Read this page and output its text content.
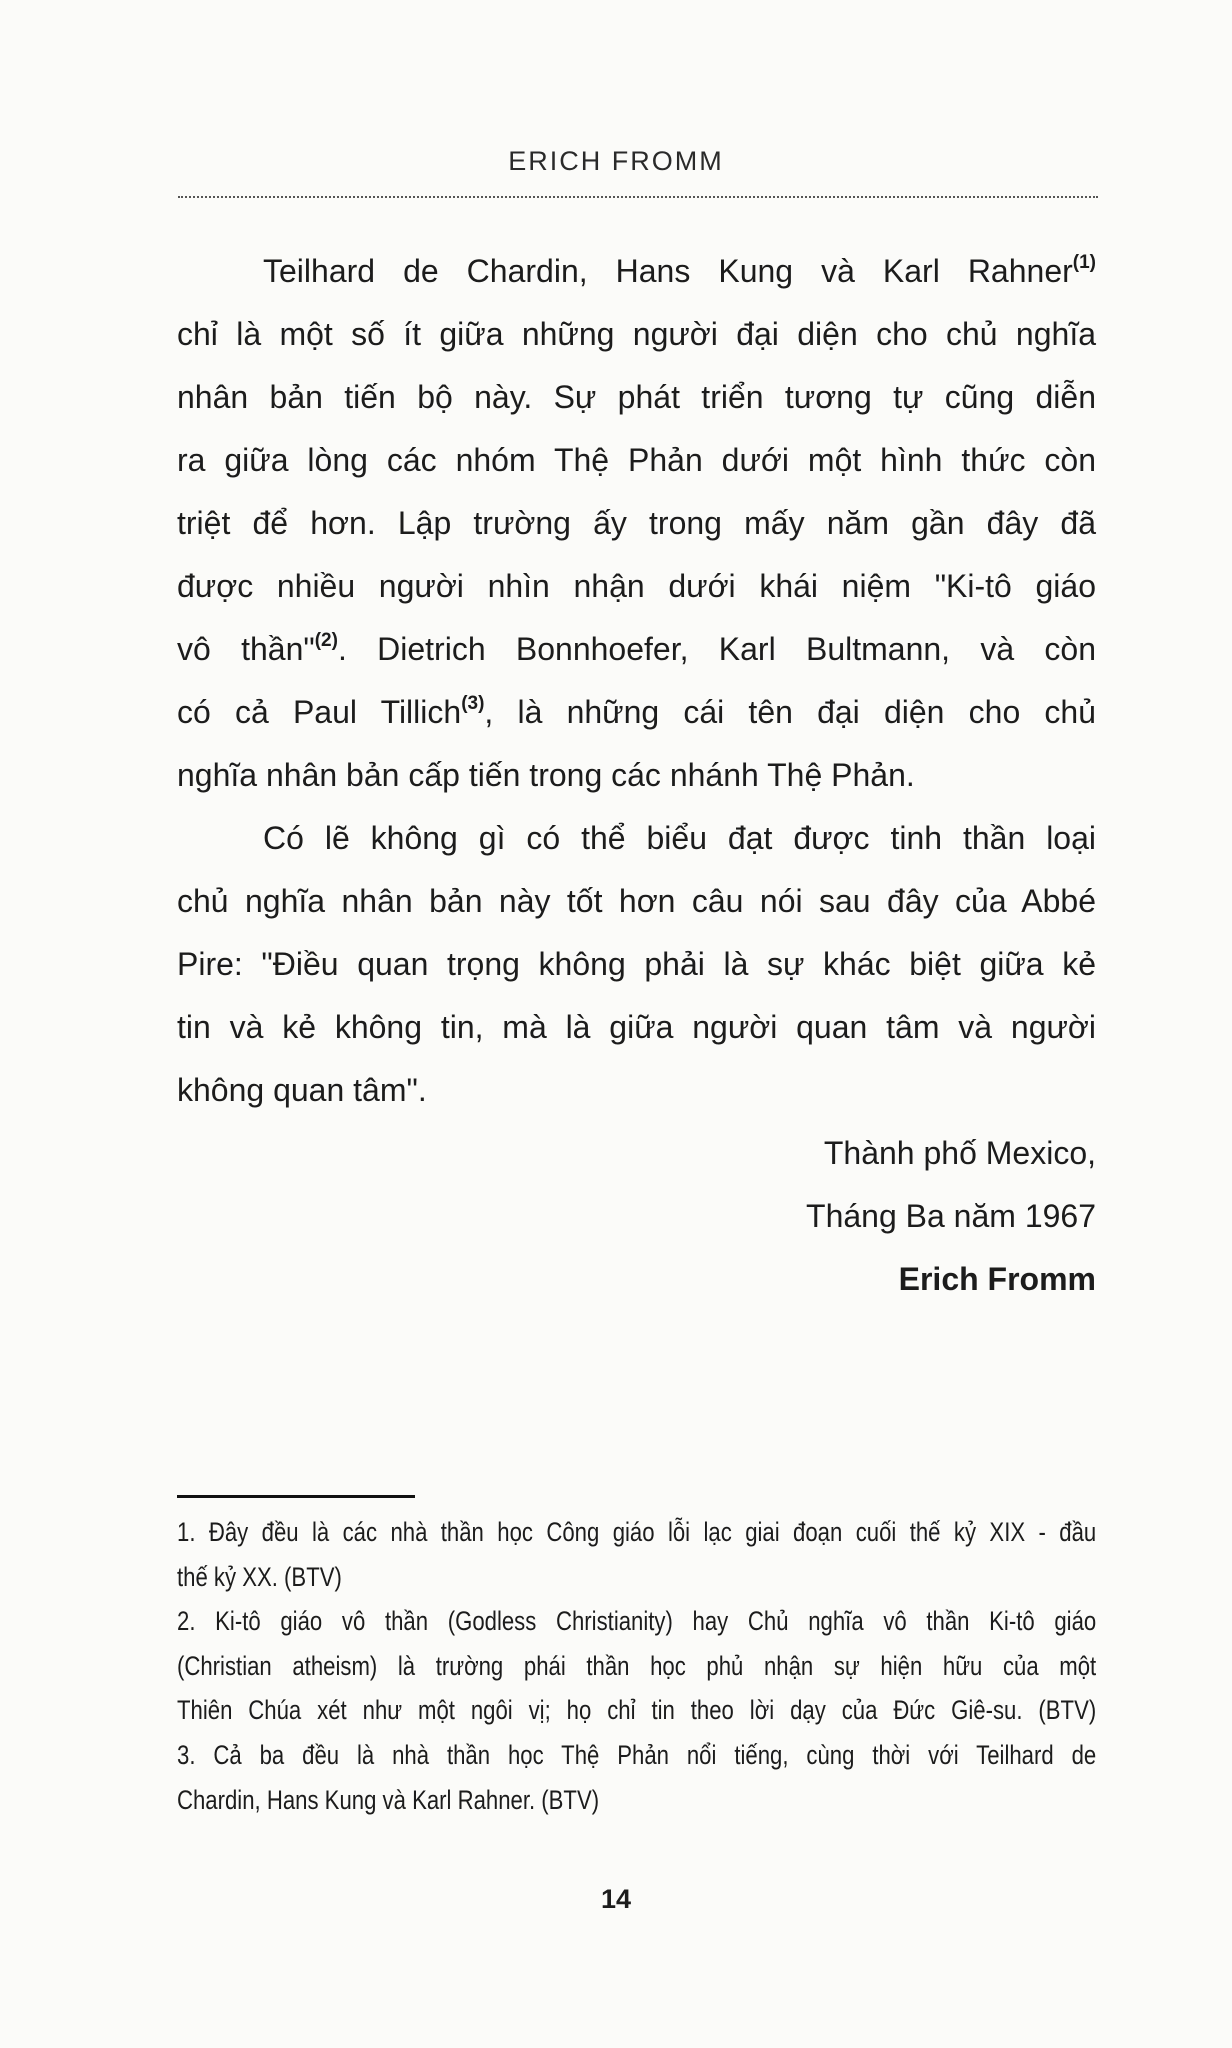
ERICH FROMM
Teilhard de Chardin, Hans Kung và Karl Rahner$^{(1)}$
chỉ là một số ít giữa những người đại diện cho chủ nghĩa
nhân bản tiến bộ này. Sự phát triển tương tự cũng diễn
ra giữa lòng các nhóm Thệ Phản dưới một hình thức còn
triệt để hơn. Lập trường ấy trong mấy năm gần đây đã
được nhiều người nhìn nhận dưới khái niệm "Ki-tô giáo
vô thần"$^{(2)}$. Dietrich Bonnhoefer, Karl Bultmann, và còn
có cả Paul Tillich$^{(3)}$, là những cái tên đại diện cho chủ
nghĩa nhân bản cấp tiến trong các nhánh Thệ Phản.
Có lẽ không gì có thể biểu đạt được tinh thần loại
chủ nghĩa nhân bản này tốt hơn câu nói sau đây của Abbé
Pire: "Điều quan trọng không phải là sự khác biệt giữa kẻ
tin và kẻ không tin, mà là giữa người quan tâm và người
không quan tâm".
Thành phố Mexico,
Tháng Ba năm 1967
Erich Fromm
1. Đây đều là các nhà thần học Công giáo lỗi lạc giai đoạn cuối thế kỷ XIX - đầu
thế kỷ XX. (BTV)
2. Ki-tô giáo vô thần (Godless Christianity) hay Chủ nghĩa vô thần Ki-tô giáo
(Christian atheism) là trường phái thần học phủ nhận sự hiện hữu của một
Thiên Chúa xét như một ngôi vị; họ chỉ tin theo lời dạy của Đức Giê-su. (BTV)
3. Cả ba đều là nhà thần học Thệ Phản nổi tiếng, cùng thời với Teilhard de
Chardin, Hans Kung và Karl Rahner. (BTV)
14
